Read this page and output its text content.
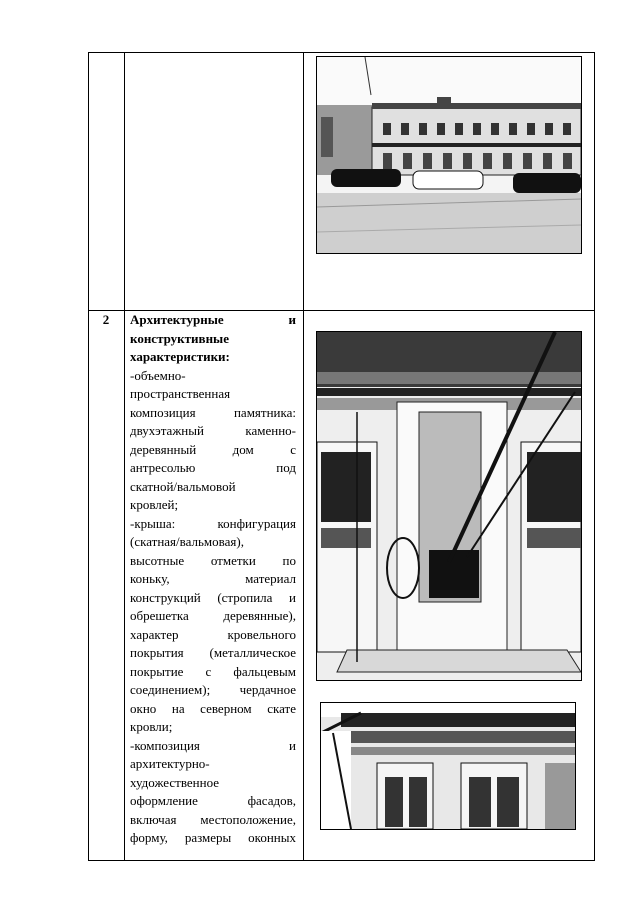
2	Архитектурные и

конструктивные

характеристики:

-объемно-

пространственная

композиция памятника:

двухэтажный каменно-

деревянный дом с

антресолью под

скатной/вальмовой

кровлей;

-крыша: конфигурация

(скатная/вальмовая),

высотные отметки по

коньку, материал

конструкций (стропила и

обрешетка деревянные),

характер кровельного

покрытия (металлическое

покрытие с фальцевым

соединением); чердачное

окно на северном скате

кровли;

-композиция и

архитектурно-

художественное

оформление фасадов,

включая местоположение,

форму, размеры оконных
